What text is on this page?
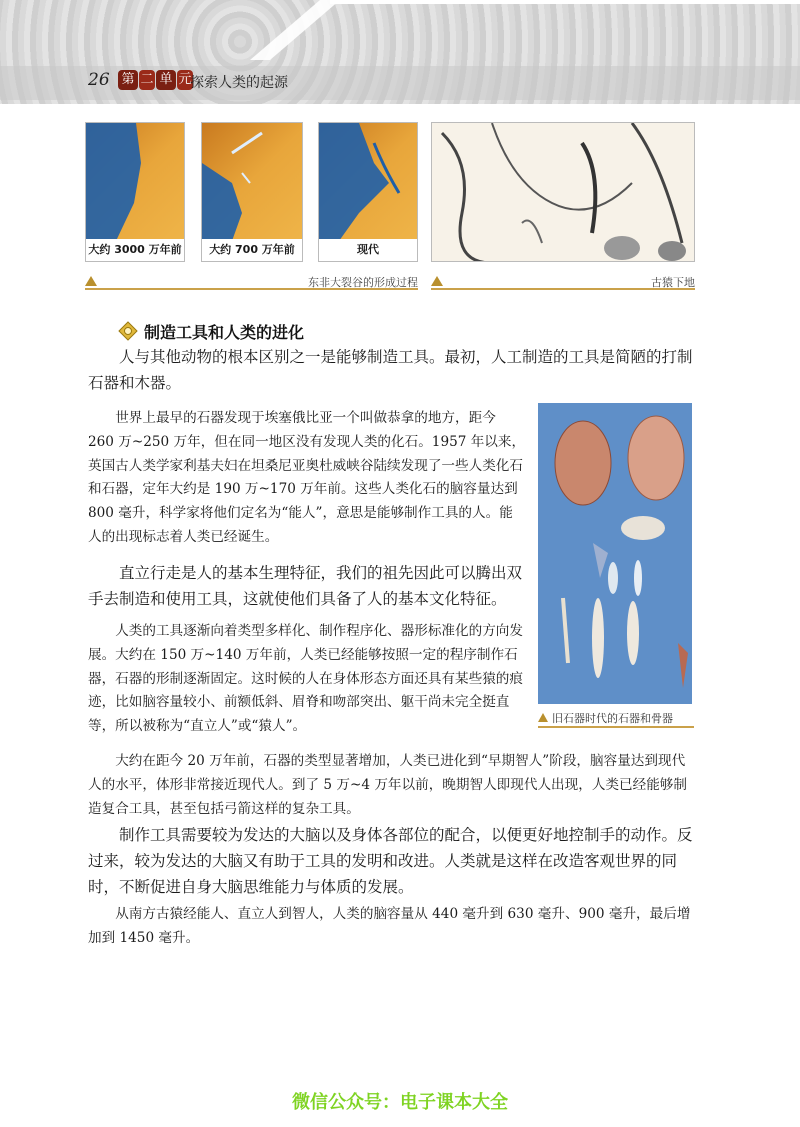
26 第 二 单 元
探索人类的起源
大约 3000 万年前	大约 700 万年前	现代
东非大裂谷的形成过程	古猿下地
制造工具和人类的进化

人与其他动物的根本区别之一是能够制造工具。最初，人工制造的工具是简陋的打制石器和木器。

世界上最早的石器发现于埃塞俄比亚一个叫做恭拿的地方，距今 260 万~250 万年，但在同一地区没有发现人类的化石。1957 年以来，英国古人类学家利基夫妇在坦桑尼亚奥杜威峡谷陆续发现了一些人类化石和石器，定年大约是 190 万~170 万年前。这些人类化石的脑容量达到 800 毫升，科学家将他们定名为“能人”，意思是能够制作工具的人。能人的出现标志着人类已经诞生。

直立行走是人的基本生理特征，我们的祖先因此可以腾出双手去制造和使用工具，这就使他们具备了人的基本文化特征。

人类的工具逐渐向着类型多样化、制作程序化、器形标准化的方向发展。大约在 150 万~140 万年前，人类已经能够按照一定的程序制作石器，石器的形制逐渐固定。这时候的人在身体形态方面还具有某些猿的痕迹，比如脑容量较小、前额低斜、眉脊和吻部突出、躯干尚未完全挺直等，所以被称为“直立人”或“猿人”。

大约在距今 20 万年前，石器的类型显著增加，人类已进化到“早期智人”阶段，脑容量达到现代人的水平，体形非常接近现代人。到了 5 万~4 万年以前，晚期智人即现代人出现，人类已经能够制造复合工具，甚至包括弓箭这样的复杂工具。

制作工具需要较为发达的大脑以及身体各部位的配合，以便更好地控制手的动作。反过来，较为发达的大脑又有助于工具的发明和改进。人类就是这样在改造客观世界的同时，不断促进自身大脑思维能力与体质的发展。

从南方古猿经能人、直立人到智人，人类的脑容量从 440 毫升到 630 毫升、900 毫升，最后增加到 1450 毫升。

旧石器时代的石器和骨器
微信公众号：电子课本大全
